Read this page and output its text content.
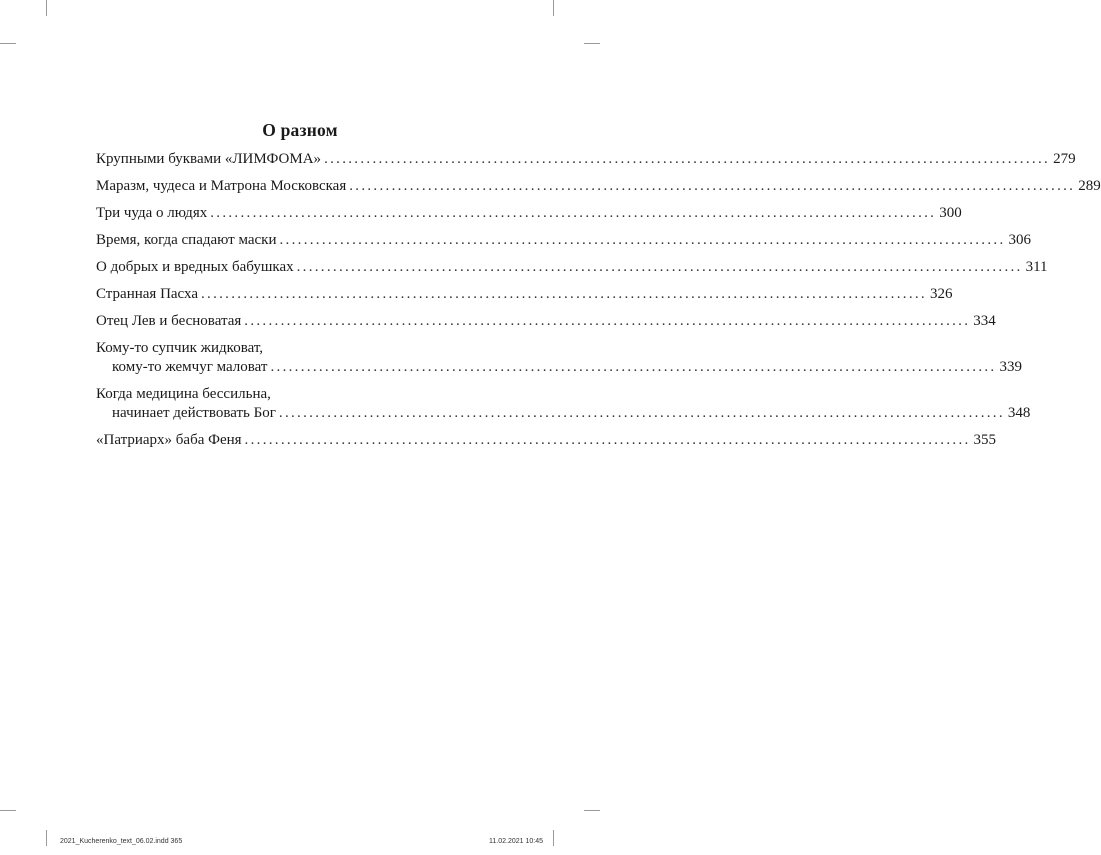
О разном
Крупными буквами «ЛИМФОМА» ........................................................................................................................ 279
Маразм, чудеса и Матрона Московская ........................................................................................................................ 289
Три чуда о людях ........................................................................................................................ 300
Время, когда спадают маски ........................................................................................................................ 306
О добрых и вредных бабушках ........................................................................................................................ 311
Странная Пасха ........................................................................................................................ 326
Отец Лев и бесноватая ........................................................................................................................ 334
Кому-то супчик жидковат,
кому-то жемчуг маловат ........................................................................................................................ 339
Когда медицина бессильна,
начинает действовать Бог ........................................................................................................................ 348
«Патриарх» баба Феня ........................................................................................................................ 355
2021_Kucherenko_text_06.02.indd 365	11.02.2021 10:45
